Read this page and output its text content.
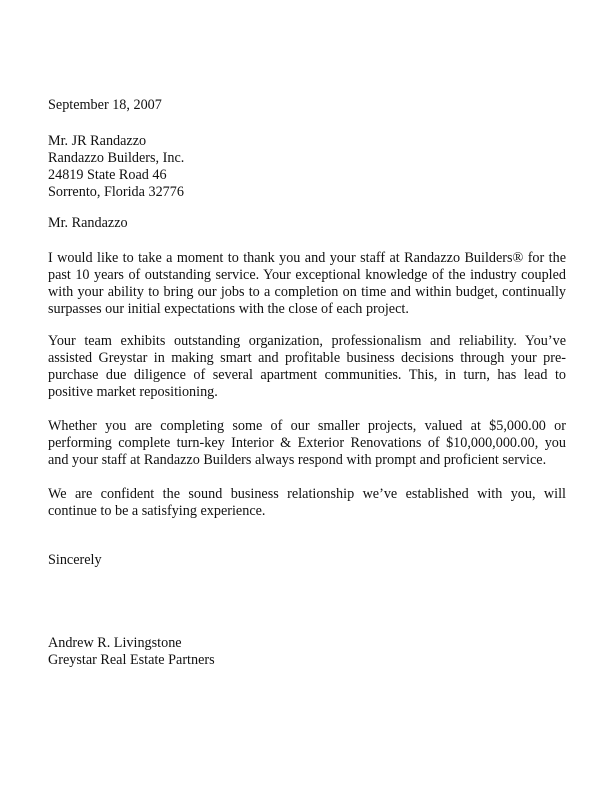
September 18, 2007
Mr. JR Randazzo
Randazzo Builders, Inc.
24819 State Road 46
Sorrento, Florida 32776
Mr. Randazzo
I would like to take a moment to thank you and your staff at Randazzo Builders® for the
past 10 years of outstanding service. Your exceptional knowledge of the industry coupled
with your ability to bring our jobs to a completion on time and within budget, continually
surpasses our initial expectations with the close of each project.
Your team exhibits outstanding organization, professionalism and reliability. You’ve
assisted Greystar in making smart and profitable business decisions through your pre-
purchase due diligence of several apartment communities. This, in turn, has lead to
positive market repositioning.
Whether you are completing some of our smaller projects, valued at $5,000.00 or
performing complete turn-key Interior & Exterior Renovations of $10,000,000.00, you
and your staff at Randazzo Builders always respond with prompt and proficient service.
We are confident the sound business relationship we’ve established with you, will
continue to be a satisfying experience.
Sincerely
Andrew R. Livingstone
Greystar Real Estate Partners
